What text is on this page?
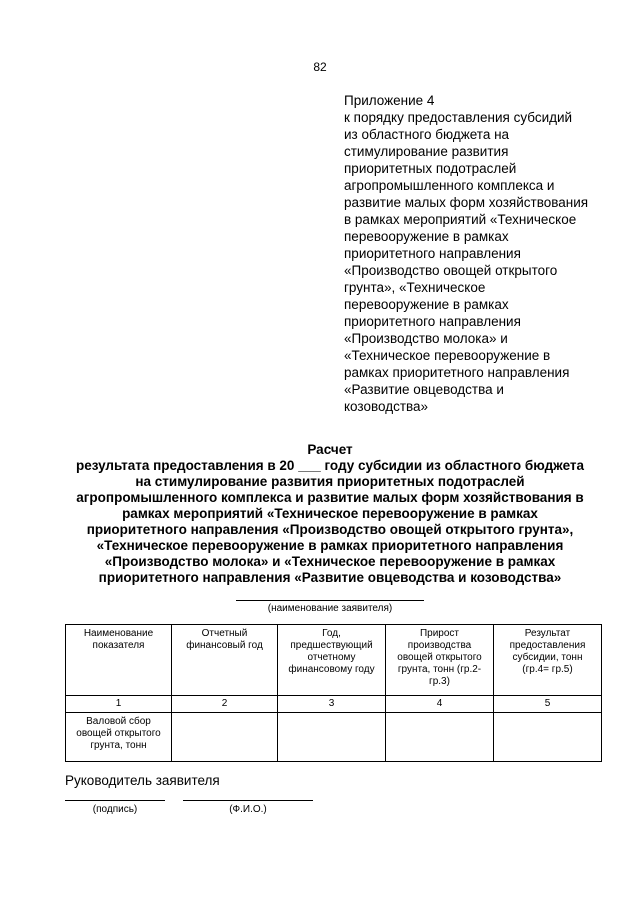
82
Приложение 4
к порядку предоставления субсидий
из областного бюджета на
стимулирование развития
приоритетных подотраслей
агропромышленного комплекса и
развитие малых форм хозяйствования
в рамках мероприятий «Техническое
перевооружение в рамках
приоритетного направления
«Производство овощей открытого
грунта», «Техническое
перевооружение в рамках
приоритетного направления
«Производство молока» и
«Техническое перевооружение в
рамках приоритетного направления
«Развитие овцеводства и
козоводства»
Расчет
результата предоставления в 20 ___ году субсидии из областного бюджета
на стимулирование развития приоритетных подотраслей
агропромышленного комплекса и развитие малых форм хозяйствования в
рамках мероприятий «Техническое перевооружение в рамках
приоритетного направления «Производство овощей открытого грунта»,
«Техническое перевооружение в рамках приоритетного направления
«Производство молока» и «Техническое перевооружение в рамках
приоритетного направления «Развитие овцеводства и козоводства»
(наименование заявителя)
Наименование показателя	Отчетный финансовый год	Год, предшествующий отчетному финансовому году	Прирост производства овощей открытого грунта, тонн (гр.2-гр.3)	Результат предоставления субсидии, тонн (гр.4= гр.5)
1	2	3	4	5
Валовой сбор овощей открытого грунта, тонн				
Руководитель заявителя
(подпись)	(Ф.И.О.)
